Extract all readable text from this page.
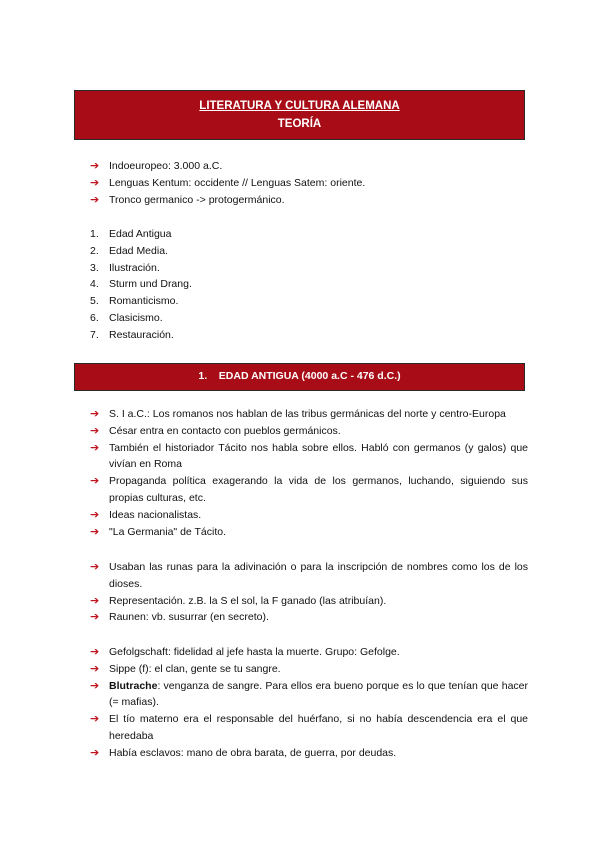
LITERATURA Y CULTURA ALEMANA
TEORÍA
➔ Indoeuropeo: 3.000 a.C.
➔ Lenguas Kentum: occidente // Lenguas Satem: oriente.
➔ Tronco germanico -> protogermánico.
1. Edad Antigua
2. Edad Media.
3. Ilustración.
4. Sturm und Drang.
5. Romanticismo.
6. Clasicismo.
7. Restauración.
1.    EDAD ANTIGUA (4000 a.C - 476 d.C.)
➔ S. I a.C.: Los romanos nos hablan de las tribus germánicas del norte y centro-Europa
➔ César entra en contacto con pueblos germánicos.
➔ También el historiador Tácito nos habla sobre ellos. Habló con germanos (y galos) que vivían en Roma
➔ Propaganda política exagerando la vida de los germanos, luchando, siguiendo sus propias culturas, etc.
➔ Ideas nacionalistas.
➔ "La Germania" de Tácito.
➔ Usaban las runas para la adivinación o para la inscripción de nombres como los de los dioses.
➔ Representación. z.B. la S el sol, la F ganado (las atribuían).
➔ Raunen: vb. susurrar (en secreto).
➔ Gefolgschaft: fidelidad al jefe hasta la muerte. Grupo: Gefolge.
➔ Sippe (f): el clan, gente se tu sangre.
➔ Blutrache: venganza de sangre. Para ellos era bueno porque es lo que tenían que hacer (= mafias).
➔ El tío materno era el responsable del huérfano, si no había descendencia era el que heredaba
➔ Había esclavos: mano de obra barata, de guerra, por deudas.
